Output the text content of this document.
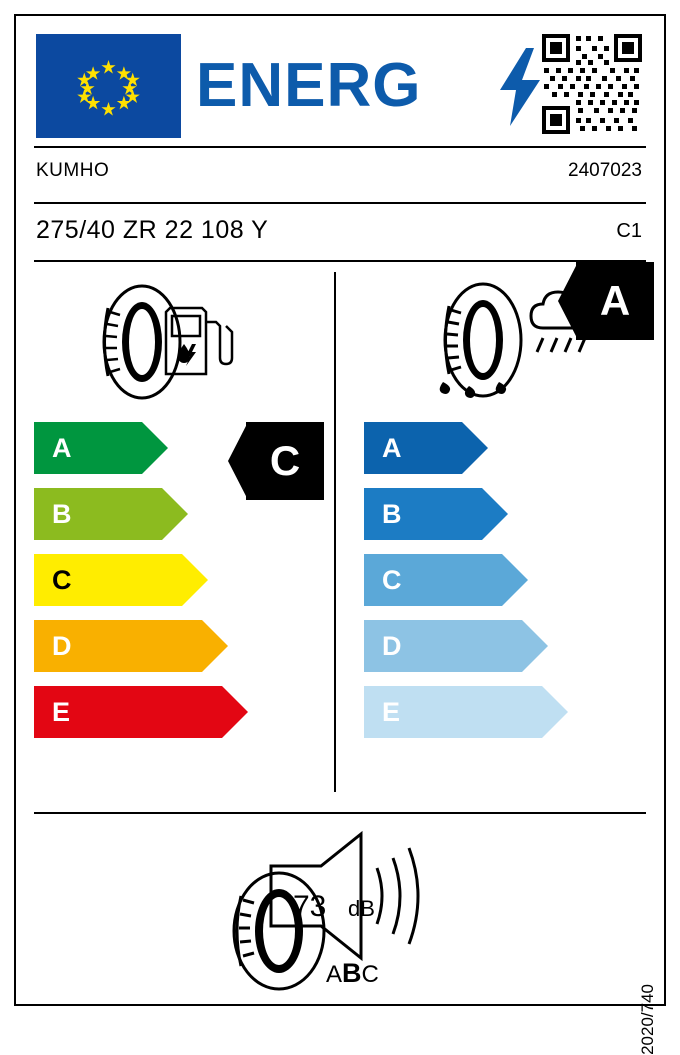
ENERG
KUMHO	2407023
275/40 ZR 22 108 Y	C1
A
B
C
D
E
C	A
B
C
D
E
A
73 dB
ABC
2020/740
